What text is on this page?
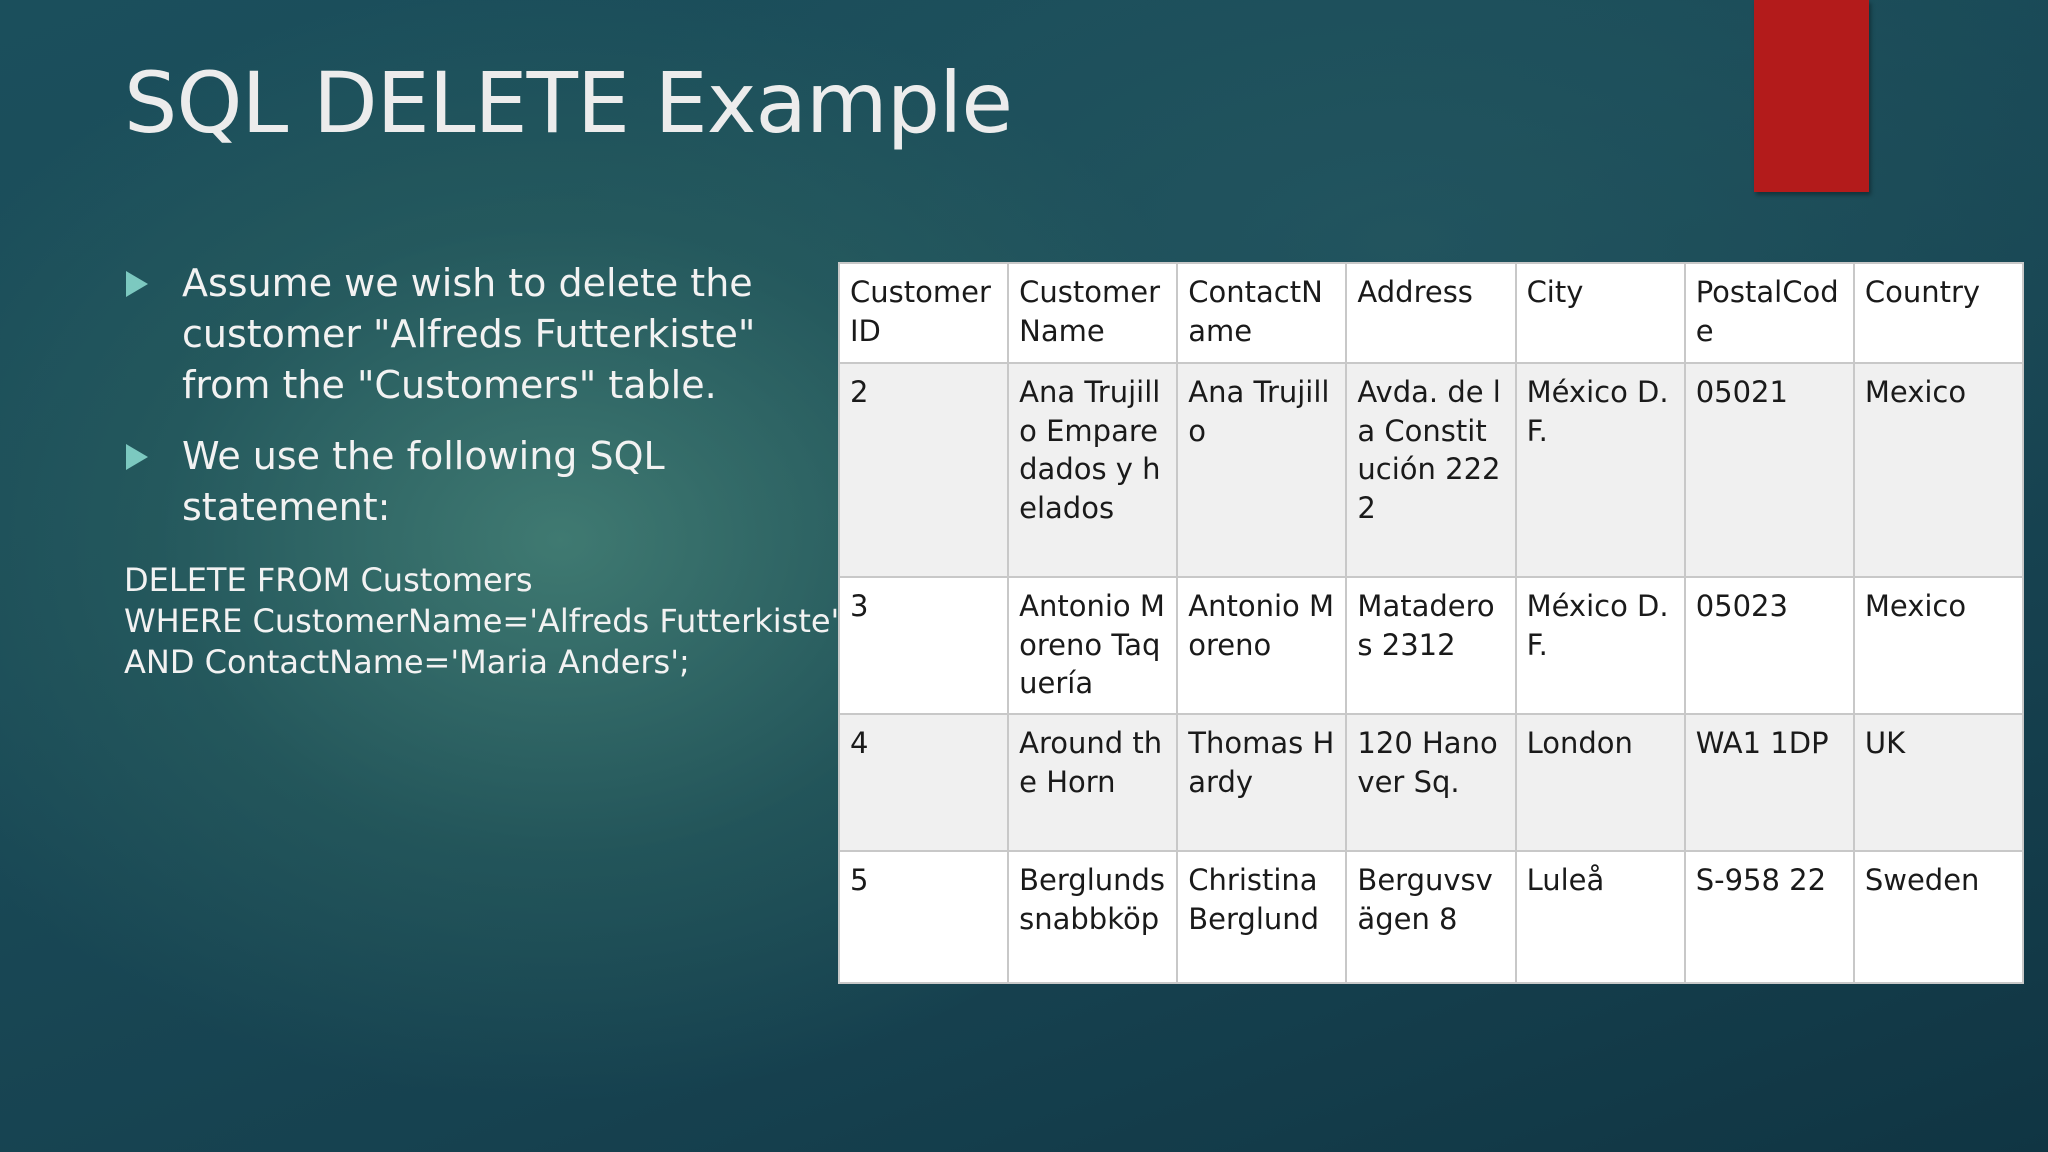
SQL DELETE Example
Assume we wish to delete the customer "Alfreds Futterkiste" from the "Customers" table.
We use the following SQL statement:
DELETE FROM Customers
WHERE CustomerName='Alfreds Futterkiste'
AND ContactName='Maria Anders';
CustomerID	CustomerName	ContactName	Address	City	PostalCode	Country
2	Ana Trujillo Emparedados y helados	Ana Trujillo	Avda. de la Constitución 2222	México D.F.	05021	Mexico
3	Antonio Moreno Taquería	Antonio Moreno	Mataderos 2312	México D.F.	05023	Mexico
4	Around the Horn	Thomas Hardy	120 Hanover Sq.	London	WA1 1DP	UK
5	Berglunds snabbköp	Christina Berglund	Berguvsvägen 8	Luleå	S-958 22	Sweden
